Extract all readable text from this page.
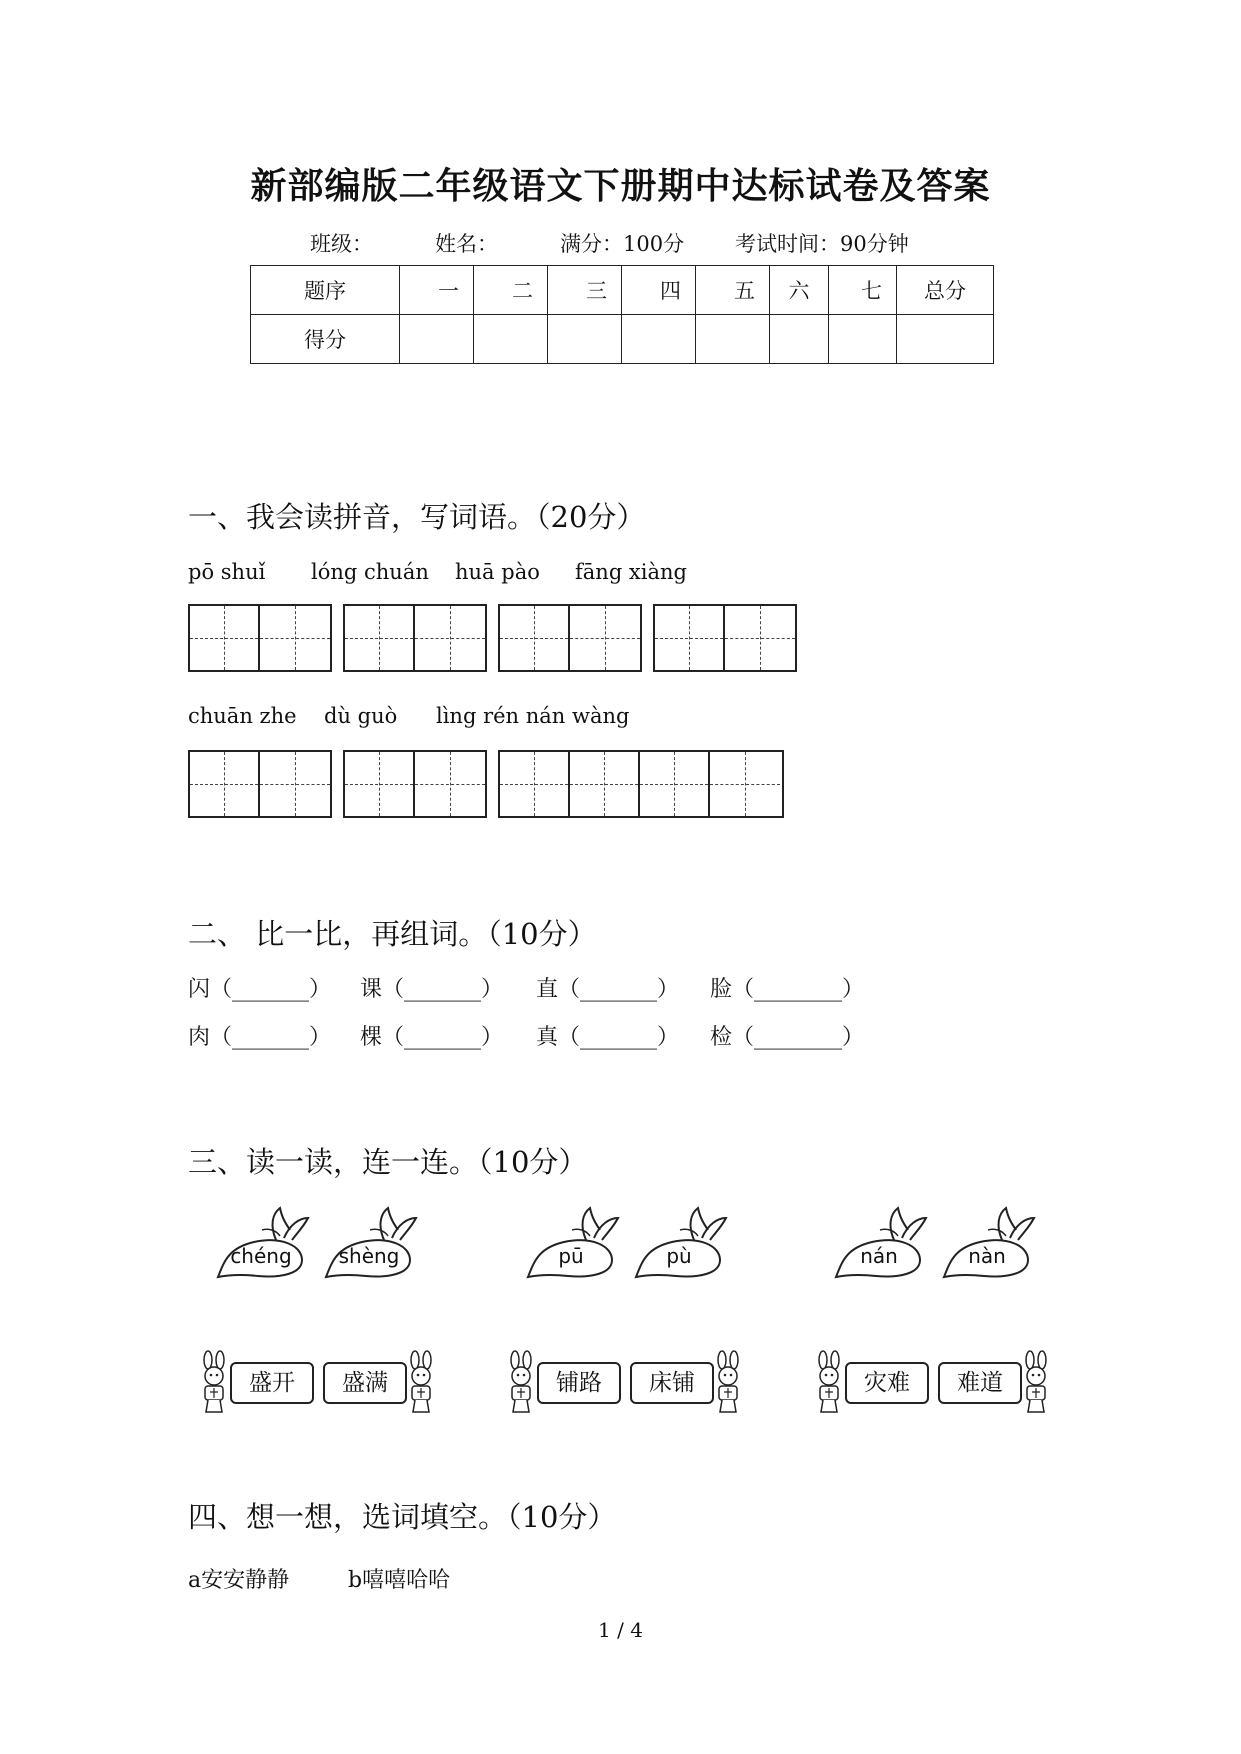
新部编版二年级语文下册期中达标试卷及答案
班级：	姓名：	满分：100分 考试时间：90分钟
题序	一	二	三	四	五	六	七	总分
得分								
一、我会读拼音，写词语。（20分）
pō shuǐ lóng chuán huā pào fāng xiàng
chuān zhe dù guò lìng rén nán wàng
二、 比一比，再组词。（10分）
闪（_______） 课（_______） 直（_______） 脸（________）
肉（_______） 棵（_______） 真（_______） 检（________）
三、读一读，连一连。（10分）
chéng	shèng	pū	pù	nán	nàn
盛开	盛满	铺路	床铺	灾难	难道
四、想一想，选词填空。（10分）
a安安静静	b嘻嘻哈哈
1 / 4
